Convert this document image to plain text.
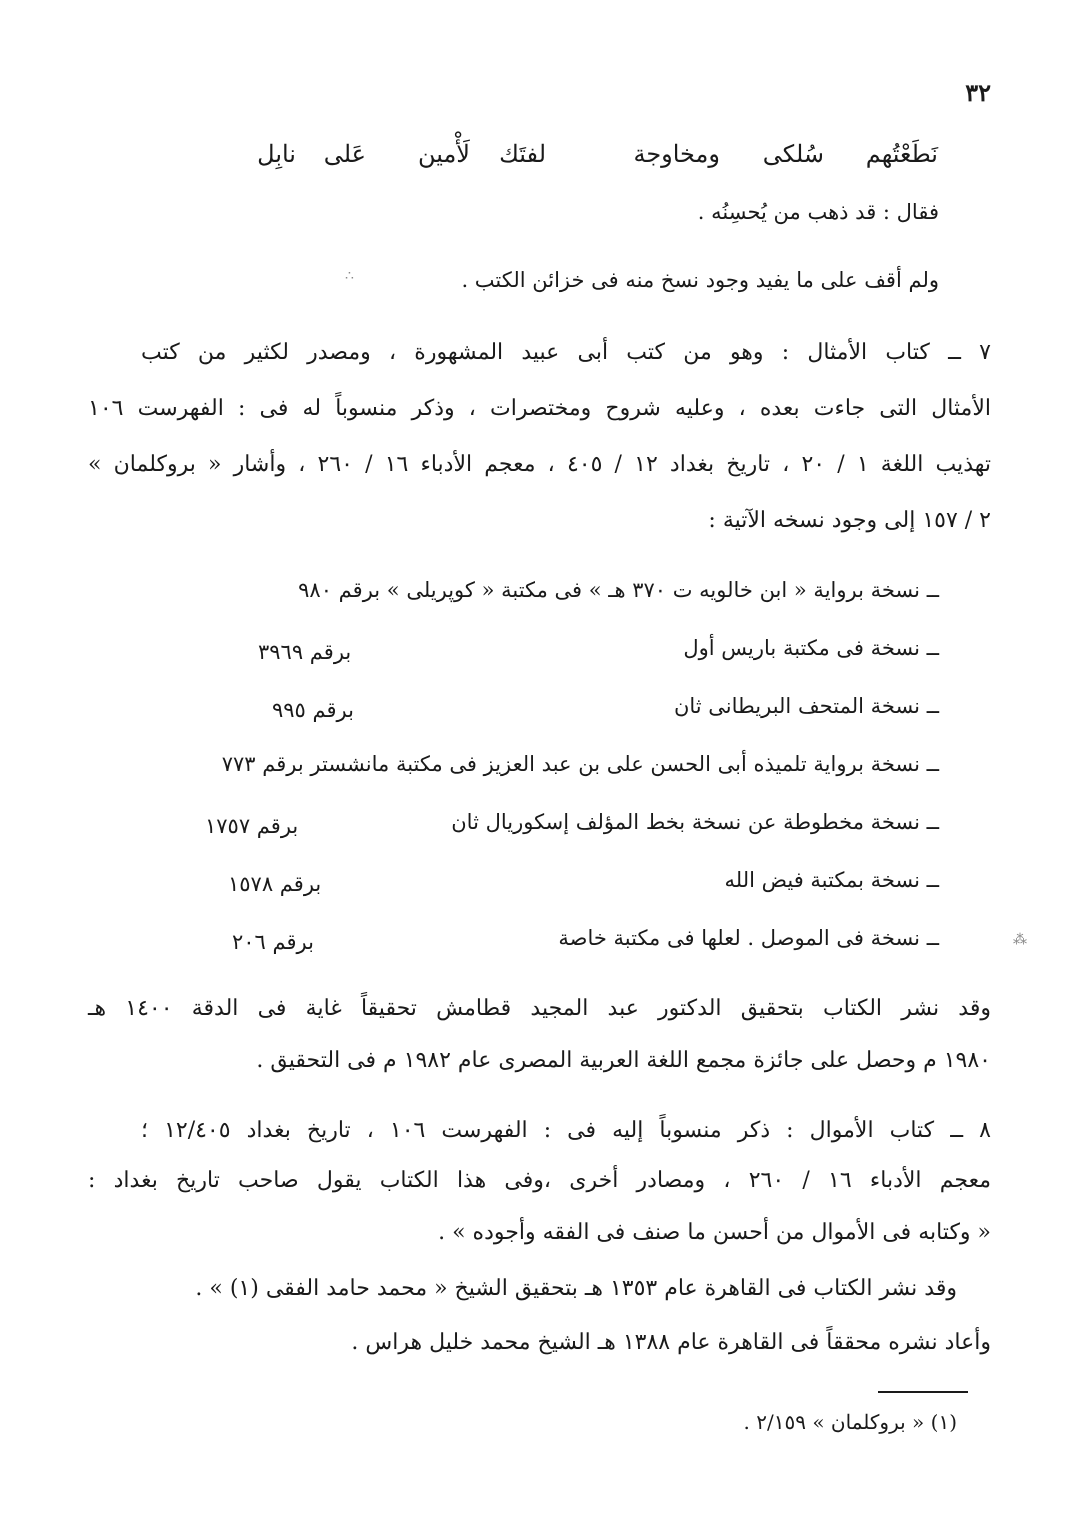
٣٢
نَطَعْتُهم
سُلكى
ومخاوجة
لفتَك
لَأْمين
عَلى
نابِل
فقال : قد ذهب من يُحسِنُه .
ولم أقف على ما يفيد وجود نسخ منه فى خزائن الكتب .
٧ ــ كتاب الأمثال : وهو من كتب أبى عبيد المشهورة ، ومصدر لكثير من كتب
الأمثال التى جاءت بعده ، وعليه شروح ومختصرات ، وذكر منسوباً له فى : الفهرست ١٠٦
تهذيب اللغة ١ / ٢٠ ، تاريخ بغداد ١٢ / ٤٠٥ ، معجم الأدباء ١٦ / ٢٦٠ ، وأشار « بروكلمان »
٢ / ١٥٧ إلى وجود نسخه الآتية :
ــ نسخة برواية « ابن خالويه ت ٣٧٠ هـ » فى مكتبة « كوپريلى » برقم ٩٨٠
ــ نسخة فى مكتبة باريس أول
برقم ٣٩٦٩
ــ نسخة المتحف البريطانى ثان
برقم ٩٩٥
ــ نسخة برواية تلميذه أبى الحسن على بن عبد العزيز فى مكتبة مانشستر برقم ٧٧٣
ــ نسخة مخطوطة عن نسخة بخط المؤلف إسكوريال ثان
برقم ١٧٥٧
ــ نسخة بمكتبة فيض الله
برقم ١٥٧٨
ــ نسخة فى الموصل . لعلها فى مكتبة خاصة
برقم ٢٠٦
وقد نشر الكتاب بتحقيق الدكتور عبد المجيد قطامش تحقيقاً غاية فى الدقة ١٤٠٠ هـ
١٩٨٠ م وحصل على جائزة مجمع اللغة العربية المصرى عام ١٩٨٢ م فى التحقيق .
٨ ــ كتاب الأموال : ذكر منسوباً إليه فى : الفهرست ١٠٦ ، تاريخ بغداد ١٢/٤٠٥ ؛
معجم الأدباء ١٦ / ٢٦٠ ، ومصادر أخرى ،وفى هذا الكتاب يقول صاحب تاريخ بغداد :
« وكتابه فى الأموال من أحسن ما صنف فى الفقه وأجوده » .
وقد نشر الكتاب فى القاهرة عام ١٣٥٣ هـ بتحقيق الشيخ « محمد حامد الفقى (١) » .
وأعاد نشره محققاً فى القاهرة عام ١٣٨٨ هـ الشيخ محمد خليل هراس .
(١) « بروكلمان » ٢/١٥٩ .
∴
⁂
